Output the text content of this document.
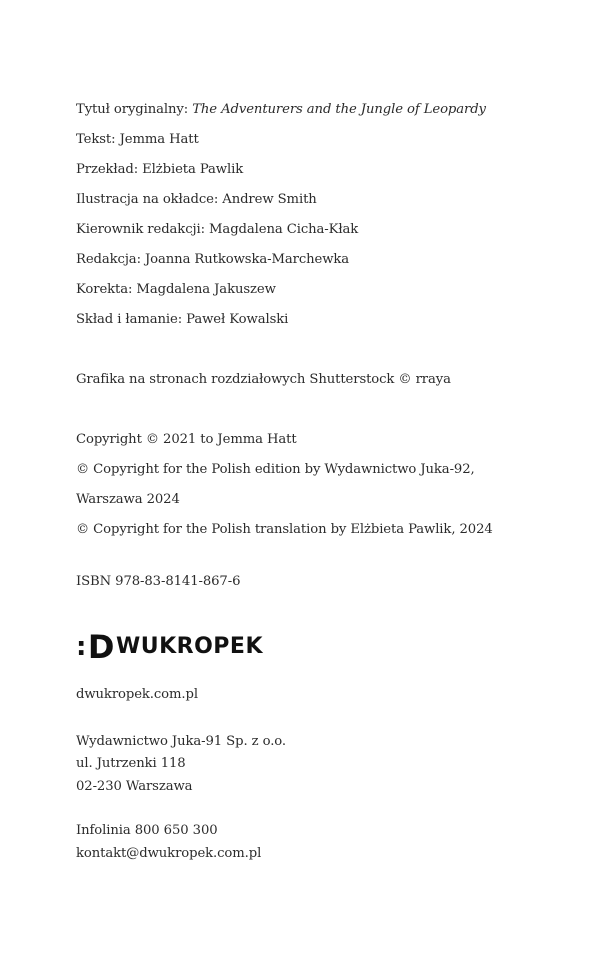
Tytuł oryginalny: The Adventurers and the Jungle of Leopardy
Tekst: Jemma Hatt
Przekład: Elżbieta Pawlik
Ilustracja na okładce: Andrew Smith
Kierownik redakcji: Magdalena Cicha-Kłak
Redakcja: Joanna Rutkowska-Marchewka
Korekta: Magdalena Jakuszew
Skład i łamanie: Paweł Kowalski
Grafika na stronach rozdziałowych Shutterstock © rraya
Copyright © 2021 to Jemma Hatt
© Copyright for the Polish edition by Wydawnictwo Juka-92,
Warszawa 2024
© Copyright for the Polish translation by Elżbieta Pawlik, 2024
ISBN 978-83-8141-867-6
: D WUKROPEK
dwukropek.com.pl
Wydawnictwo Juka-91 Sp. z o.o.
ul. Jutrzenki 118
02-230 Warszawa
Infolinia 800 650 300
kontakt@dwukropek.com.pl
